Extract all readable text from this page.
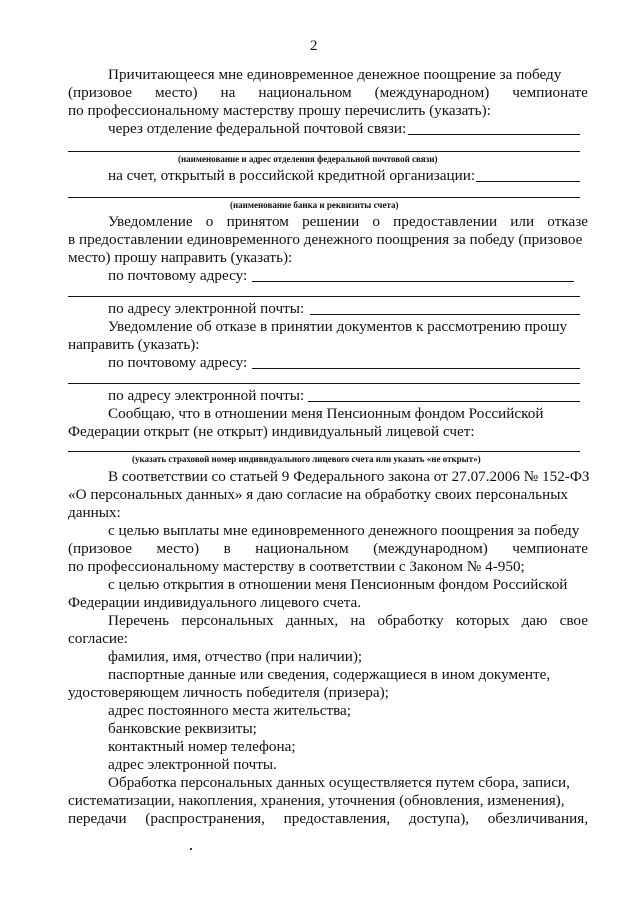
2
Причитающееся мне единовременное денежное поощрение за победу
(призовое место) на национальном (международном) чемпионате
по профессиональному мастерству прошу перечислить (указать):
через отделение федеральной почтовой связи:
(наименование и адрес отделения федеральной почтовой связи)
на счет, открытый в российской кредитной организации:
(наименование банка и реквизиты счета)
Уведомление о принятом решении о предоставлении или отказе
в предоставлении единовременного денежного поощрения за победу (призовое
место) прошу направить (указать):
по почтовому адресу:
по адресу электронной почты:
Уведомление об отказе в принятии документов к рассмотрению прошу
направить (указать):
по почтовому адресу:
по адресу электронной почты:
Сообщаю, что в отношении меня Пенсионным фондом Российской
Федерации открыт (не открыт) индивидуальный лицевой счет:
(указать страховой номер индивидуального лицевого счета или указать «не открыт»)
В соответствии со статьей 9 Федерального закона от 27.07.2006 № 152-ФЗ
«О персональных данных» я даю согласие на обработку своих персональных
данных:
с целью выплаты мне единовременного денежного поощрения за победу
(призовое место) в национальном (международном) чемпионате
по профессиональному мастерству в соответствии с Законом № 4-950;
с целью открытия в отношении меня Пенсионным фондом Российской
Федерации индивидуального лицевого счета.
Перечень персональных данных, на обработку которых даю свое
согласие:
фамилия, имя, отчество (при наличии);
паспортные данные или сведения, содержащиеся в ином документе,
удостоверяющем личность победителя (призера);
адрес постоянного места жительства;
банковские реквизиты;
контактный номер телефона;
адрес электронной почты.
Обработка персональных данных осуществляется путем сбора, записи,
систематизации, накопления, хранения, уточнения (обновления, изменения),
передачи (распространения, предоставления, доступа), обезличивания,
